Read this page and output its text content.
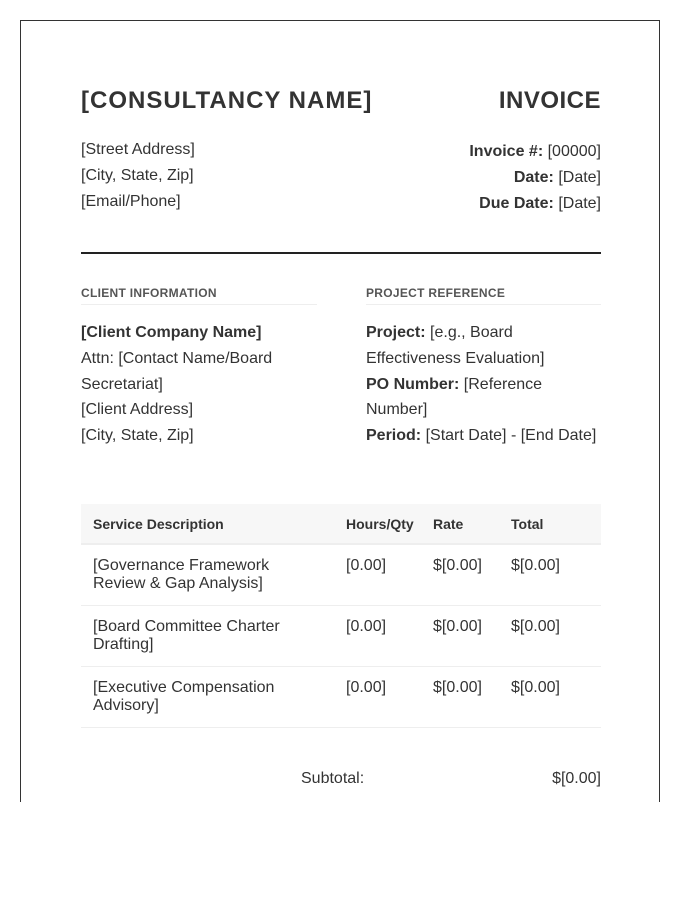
[CONSULTANCY NAME]	INVOICE
[Street Address]
[City, State, Zip]
[Email/Phone]
Invoice #: [00000]
Date: [Date]
Due Date: [Date]
CLIENT INFORMATION	PROJECT REFERENCE
[Client Company Name]
Attn: [Contact Name/Board
Secretariat]
[Client Address]
[City, State, Zip]
Project: [e.g., Board
Effectiveness Evaluation]
PO Number: [Reference
Number]
Period: [Start Date] - [End Date]
Service Description	Hours/Qty	Rate	Total

[Governance Framework
Review & Gap Analysis]	[0.00]	$[0.00]	$[0.00]

[Board Committee Charter
Drafting]	[0.00]	$[0.00]	$[0.00]

[Executive Compensation
Advisory]	[0.00]	$[0.00]	$[0.00]
Subtotal:	$[0.00]
